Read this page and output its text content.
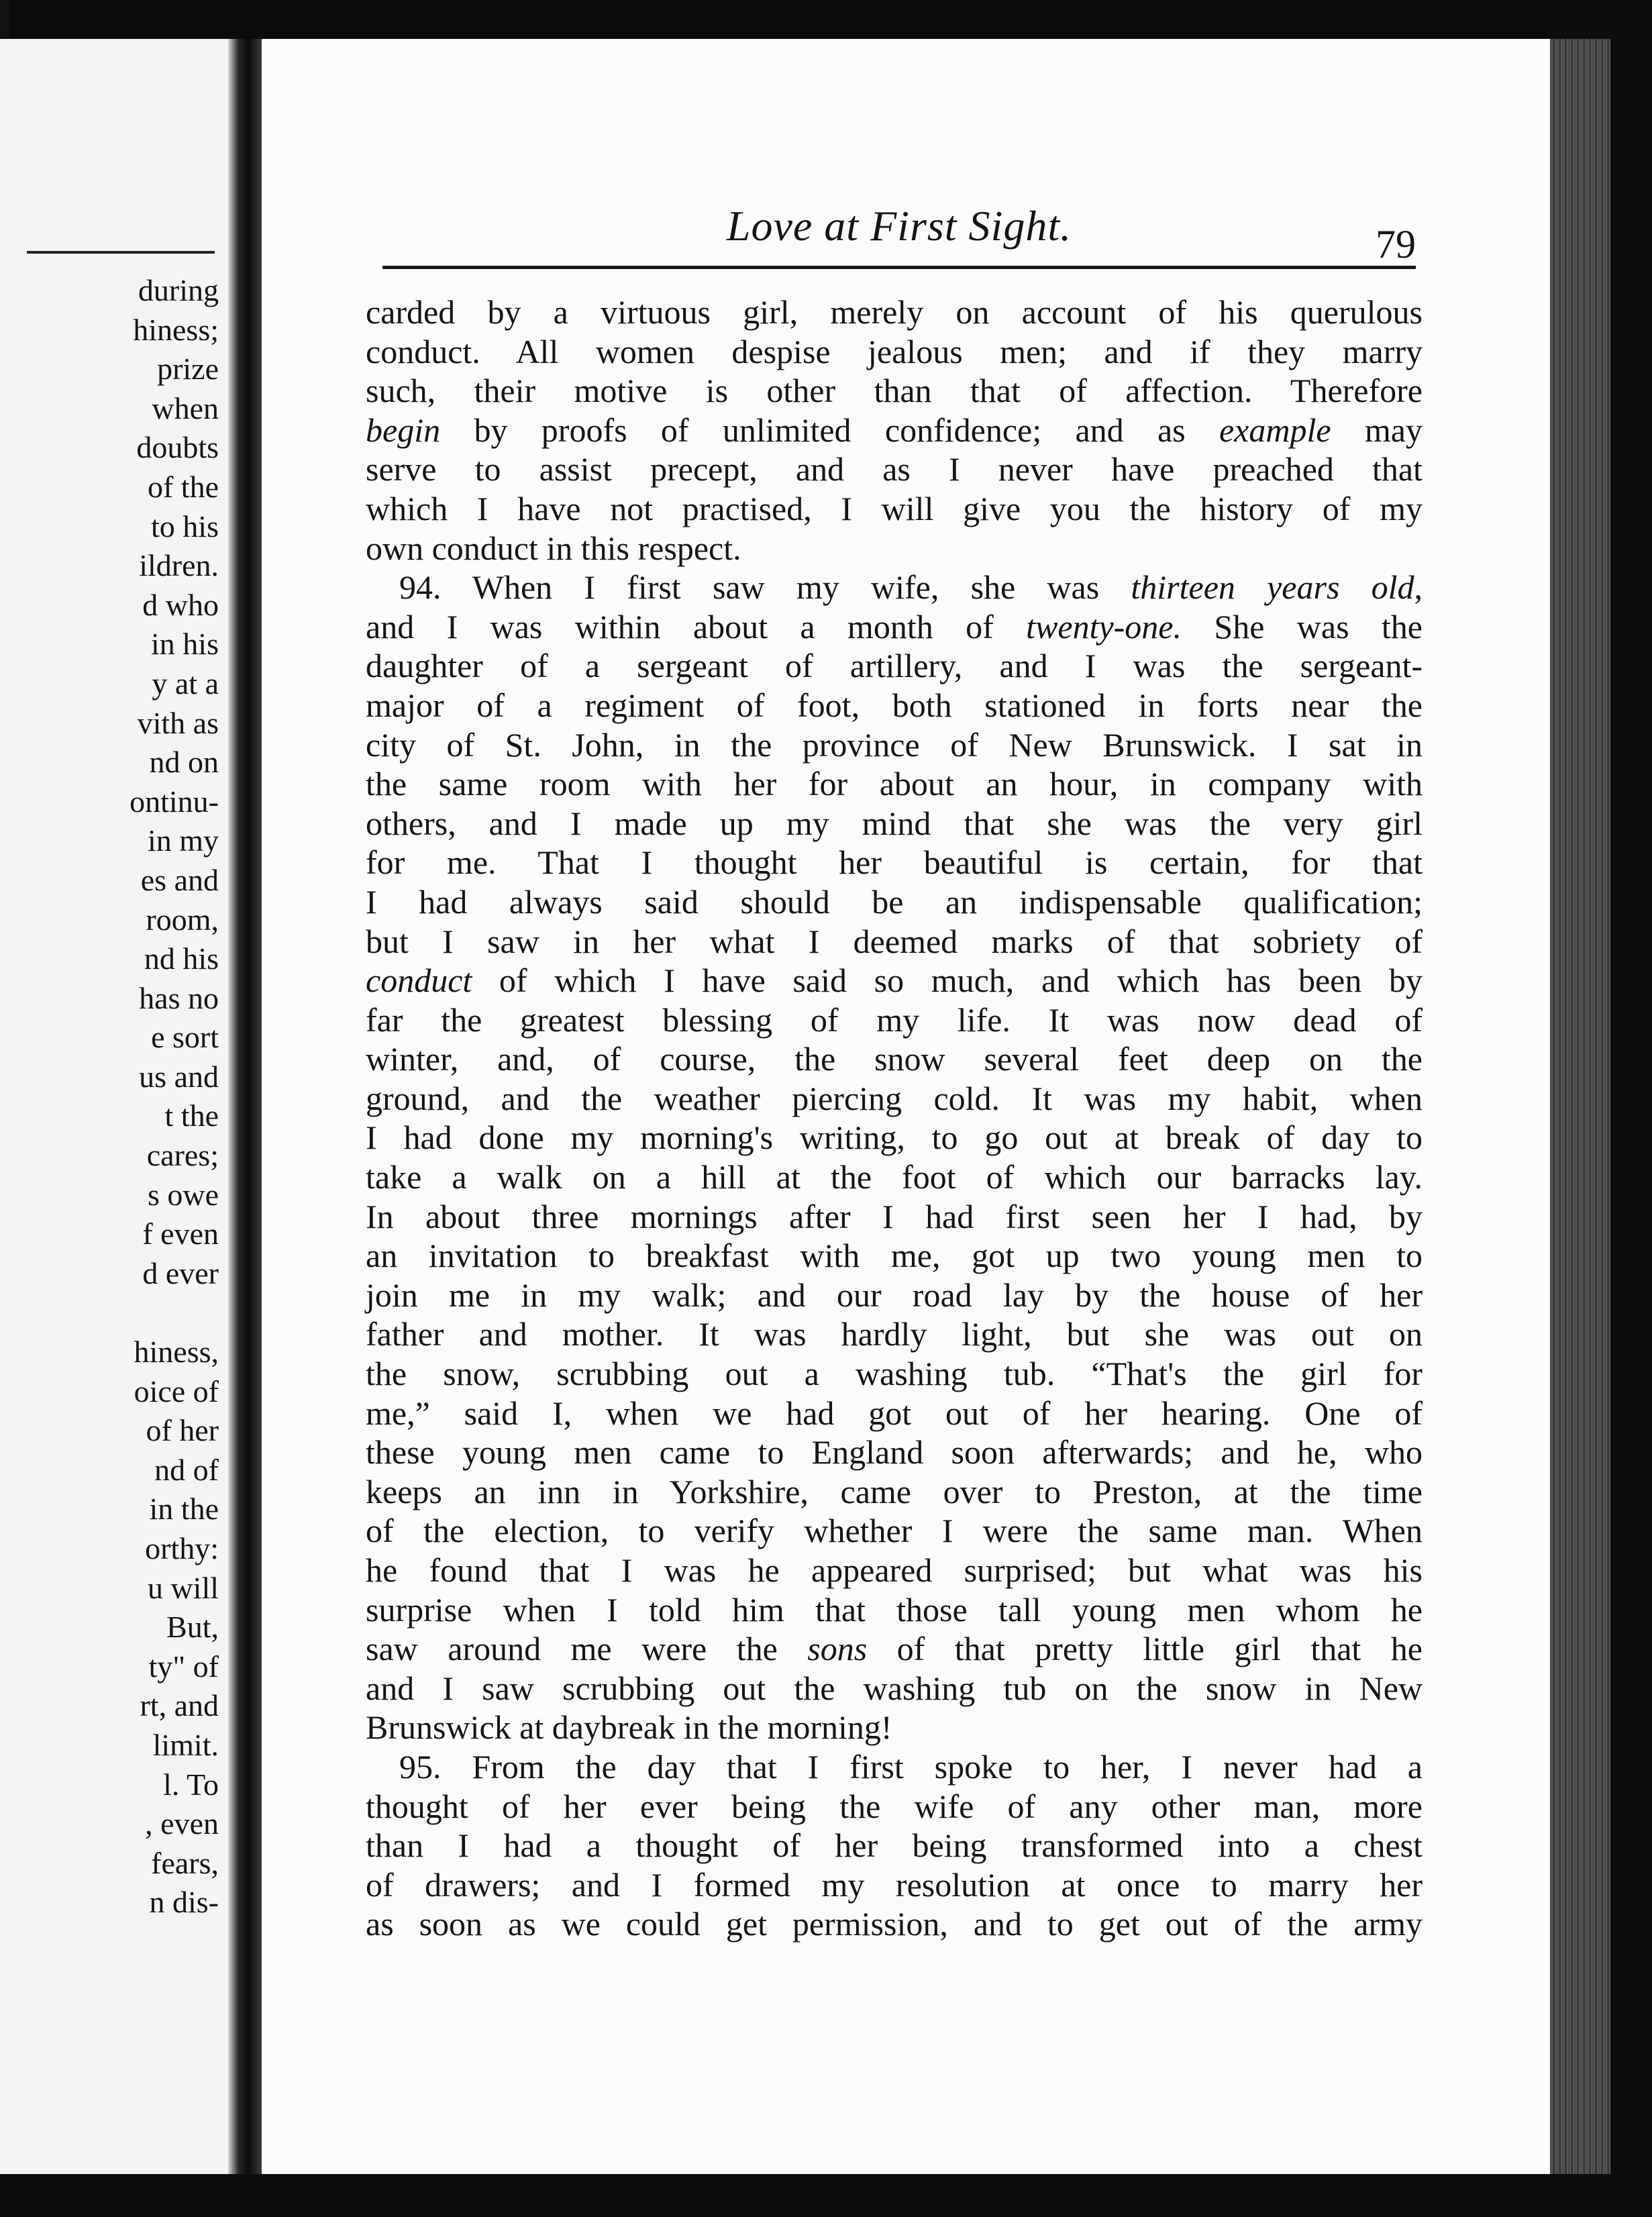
during
hiness;
prize
when
doubts
of the
to his
ildren.
d who
in his
y at a
vith as
nd on
ontinu-
in my
es and
room,
nd his
has no
e sort
us and
t the
cares;
s owe
f even
d ever
hiness,
oice of
of her
nd of
in the
orthy:
u will
But,
ty" of
rt, and
limit.
l. To
, even
fears,
n dis-
Love at First Sight.	79
carded by a virtuous girl, merely on account of his querulous
conduct. All women despise jealous men; and if they marry
such, their motive is other than that of affection. Therefore
begin by proofs of unlimited confidence; and as example may
serve to assist precept, and as I never have preached that
which I have not practised, I will give you the history of my
own conduct in this respect.
94. When I first saw my wife, she was thirteen years old,
and I was within about a month of twenty-one. She was the
daughter of a sergeant of artillery, and I was the sergeant-
major of a regiment of foot, both stationed in forts near the
city of St. John, in the province of New Brunswick. I sat in
the same room with her for about an hour, in company with
others, and I made up my mind that she was the very girl
for me. That I thought her beautiful is certain, for that
I had always said should be an indispensable qualification;
but I saw in her what I deemed marks of that sobriety of
conduct of which I have said so much, and which has been by
far the greatest blessing of my life. It was now dead of
winter, and, of course, the snow several feet deep on the
ground, and the weather piercing cold. It was my habit, when
I had done my morning's writing, to go out at break of day to
take a walk on a hill at the foot of which our barracks lay.
In about three mornings after I had first seen her I had, by
an invitation to breakfast with me, got up two young men to
join me in my walk; and our road lay by the house of her
father and mother. It was hardly light, but she was out on
the snow, scrubbing out a washing tub. “That's the girl for
me,” said I, when we had got out of her hearing. One of
these young men came to England soon afterwards; and he, who
keeps an inn in Yorkshire, came over to Preston, at the time
of the election, to verify whether I were the same man. When
he found that I was he appeared surprised; but what was his
surprise when I told him that those tall young men whom he
saw around me were the sons of that pretty little girl that he
and I saw scrubbing out the washing tub on the snow in New
Brunswick at daybreak in the morning!
95. From the day that I first spoke to her, I never had a
thought of her ever being the wife of any other man, more
than I had a thought of her being transformed into a chest
of drawers; and I formed my resolution at once to marry her
as soon as we could get permission, and to get out of the army
